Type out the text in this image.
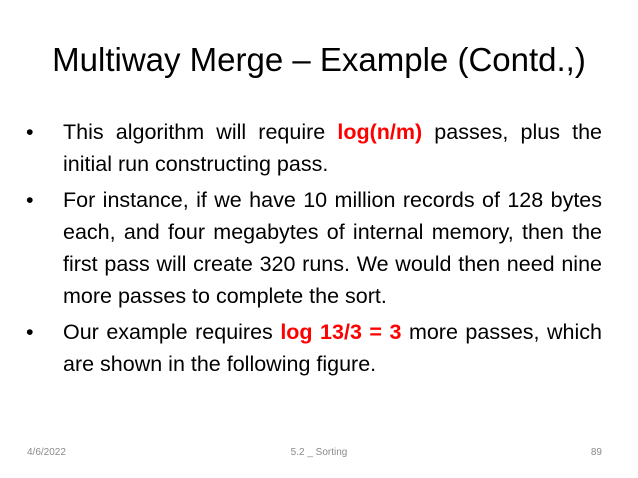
Multiway Merge – Example (Contd.,)
•	This algorithm will require log(n/m) passes, plus the initial run constructing pass.
•	For instance, if we have 10 million records of 128 bytes each, and four megabytes of internal memory, then the first pass will create 320 runs. We would then need nine more passes to complete the sort.
•	Our example requires log 13/3 = 3 more passes, which are shown in the following figure.
4/6/2022	5.2 _ Sorting	89
